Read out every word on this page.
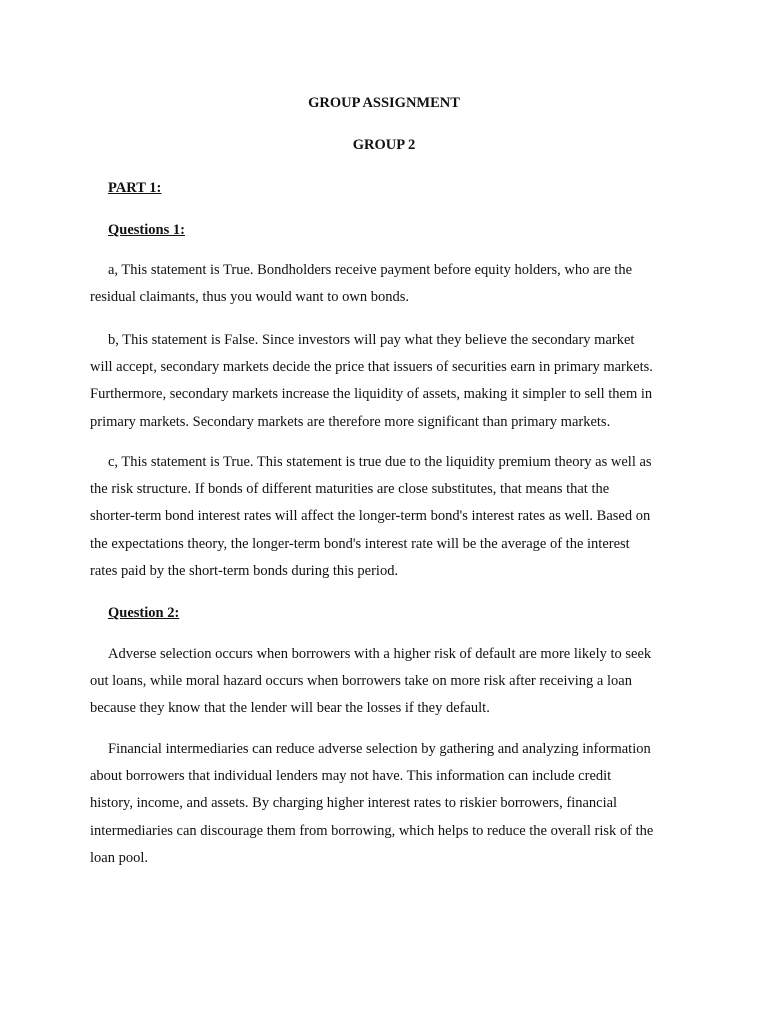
GROUP ASSIGNMENT
GROUP 2
PART 1:
Questions 1:
a, This statement is True. Bondholders receive payment before equity holders, who are the
residual claimants, thus you would want to own bonds.
b, This statement is False. Since investors will pay what they believe the secondary market
will accept, secondary markets decide the price that issuers of securities earn in primary markets.
Furthermore, secondary markets increase the liquidity of assets, making it simpler to sell them in
primary markets. Secondary markets are therefore more significant than primary markets.
c, This statement is True. This statement is true due to the liquidity premium theory as well as
the risk structure. If bonds of different maturities are close substitutes, that means that the
shorter-term bond interest rates will affect the longer-term bond's interest rates as well. Based on
the expectations theory, the longer-term bond's interest rate will be the average of the interest
rates paid by the short-term bonds during this period.
Question 2:
Adverse selection occurs when borrowers with a higher risk of default are more likely to seek
out loans, while moral hazard occurs when borrowers take on more risk after receiving a loan
because they know that the lender will bear the losses if they default.
Financial intermediaries can reduce adverse selection by gathering and analyzing information
about borrowers that individual lenders may not have. This information can include credit
history, income, and assets. By charging higher interest rates to riskier borrowers, financial
intermediaries can discourage them from borrowing, which helps to reduce the overall risk of the
loan pool.
